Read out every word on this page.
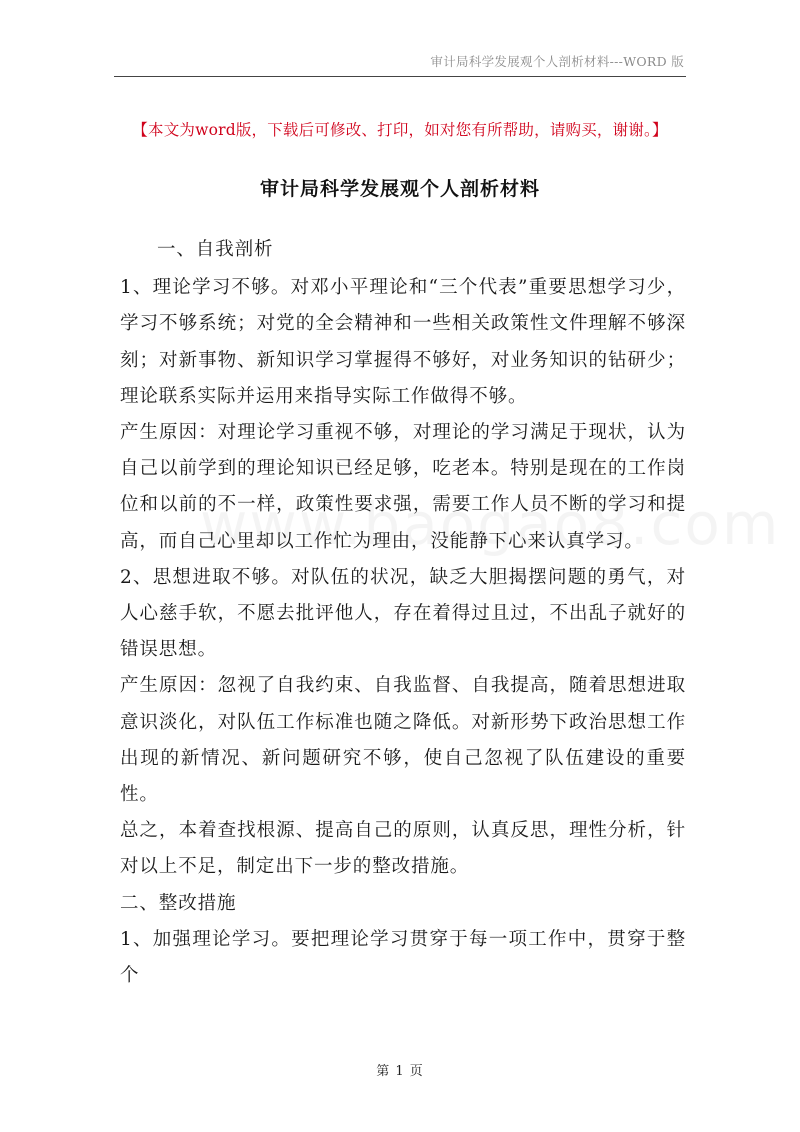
审计局科学发展观个人剖析材料---WORD 版
【本文为word版，下载后可修改、打印，如对您有所帮助，请购买，谢谢。】
审计局科学发展观个人剖析材料

一、自我剖析

1、理论学习不够。对邓小平理论和“三个代表”重要思想学习少，学习不够系统；对党的全会精神和一些相关政策性文件理解不够深刻；对新事物、新知识学习掌握得不够好，对业务知识的钻研少；理论联系实际并运用来指导实际工作做得不够。

产生原因：对理论学习重视不够，对理论的学习满足于现状，认为自己以前学到的理论知识已经足够，吃老本。特别是现在的工作岗位和以前的不一样，政策性要求强，需要工作人员不断的学习和提高，而自己心里却以工作忙为理由，没能静下心来认真学习。

2、思想进取不够。对队伍的状况，缺乏大胆揭摆问题的勇气，对人心慈手软，不愿去批评他人，存在着得过且过，不出乱子就好的错误思想。

产生原因：忽视了自我约束、自我监督、自我提高，随着思想进取意识淡化，对队伍工作标准也随之降低。对新形势下政治思想工作出现的新情况、新问题研究不够，使自己忽视了队伍建设的重要性。

总之，本着查找根源、提高自己的原则，认真反思，理性分析，针对以上不足，制定出下一步的整改措施。

二、整改措施

1、加强理论学习。要把理论学习贯穿于每一项工作中，贯穿于整个

第 1 页
